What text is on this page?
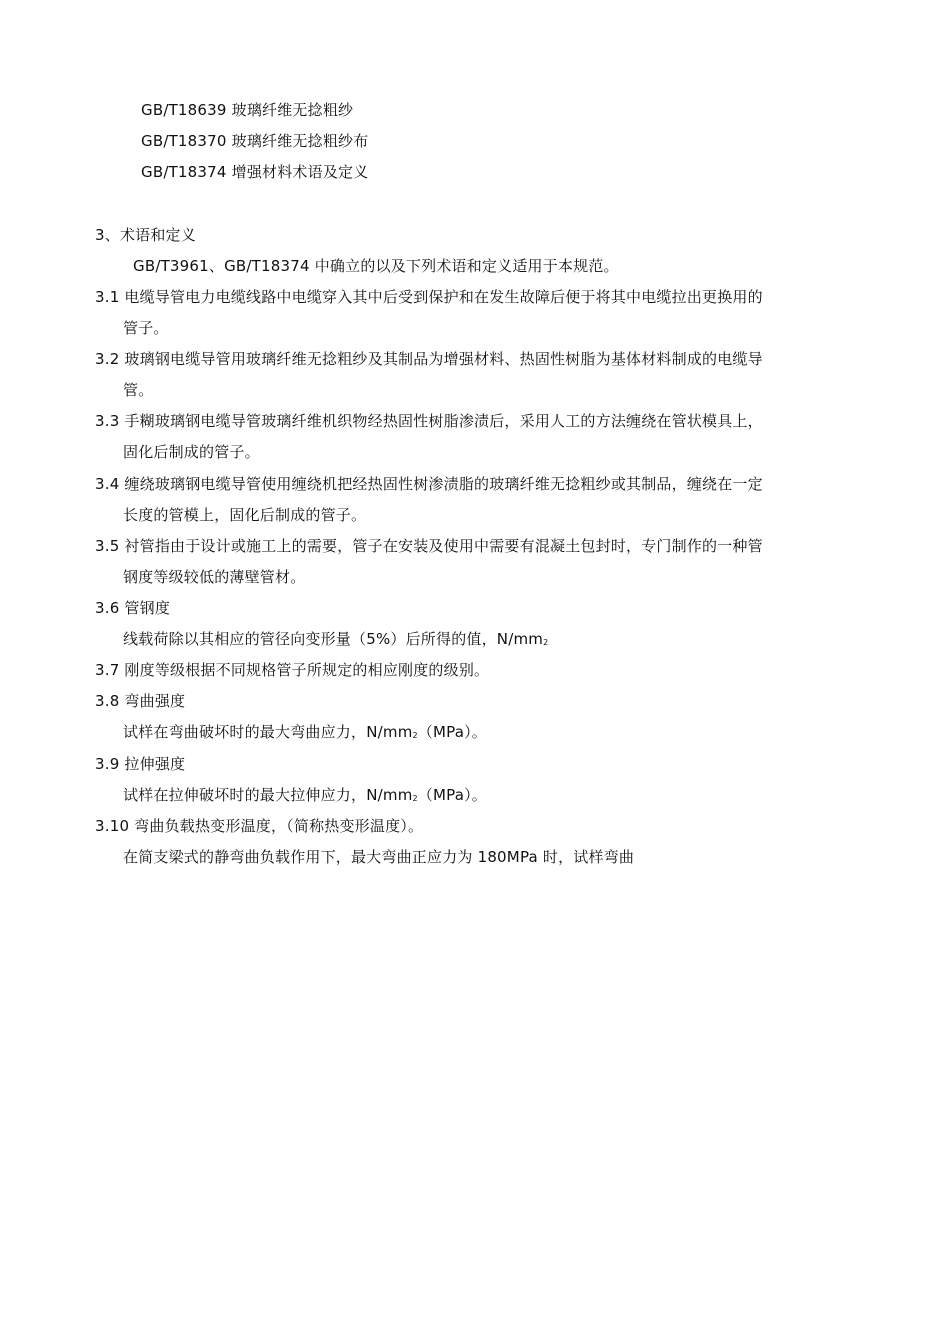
GB/T18639 玻璃纤维无捻粗纱
GB/T18370 玻璃纤维无捻粗纱布
GB/T18374 增强材料术语及定义
3、术语和定义
GB/T3961、GB/T18374 中确立的以及下列术语和定义适用于本规范。
3.1 电缆导管电力电缆线路中电缆穿入其中后受到保护和在发生故障后便于将其中电缆拉出更换用的
管子。
3.2 玻璃钢电缆导管用玻璃纤维无捻粗纱及其制品为增强材料、热固性树脂为基体材料制成的电缆导
管。
3.3 手糊玻璃钢电缆导管玻璃纤维机织物经热固性树脂渗渍后，采用人工的方法缠绕在管状模具上，
固化后制成的管子。
3.4 缠绕玻璃钢电缆导管使用缠绕机把经热固性树渗渍脂的玻璃纤维无捻粗纱或其制品，缠绕在一定
长度的管模上，固化后制成的管子。
3.5 衬管指由于设计或施工上的需要，管子在安装及使用中需要有混凝土包封时，专门制作的一种管
钢度等级较低的薄壁管材。
3.6 管钢度
线载荷除以其相应的管径向变形量（5%）后所得的值，N/mm2
3.7 刚度等级根据不同规格管子所规定的相应刚度的级别。
3.8 弯曲强度
试样在弯曲破坏时的最大弯曲应力，N/mm2（MPa）。
3.9 拉伸强度
试样在拉伸破坏时的最大拉伸应力，N/mm2（MPa）。
3.10 弯曲负载热变形温度，（简称热变形温度）。
在简支梁式的静弯曲负载作用下，最大弯曲正应力为 180MPa 时，试样弯曲
